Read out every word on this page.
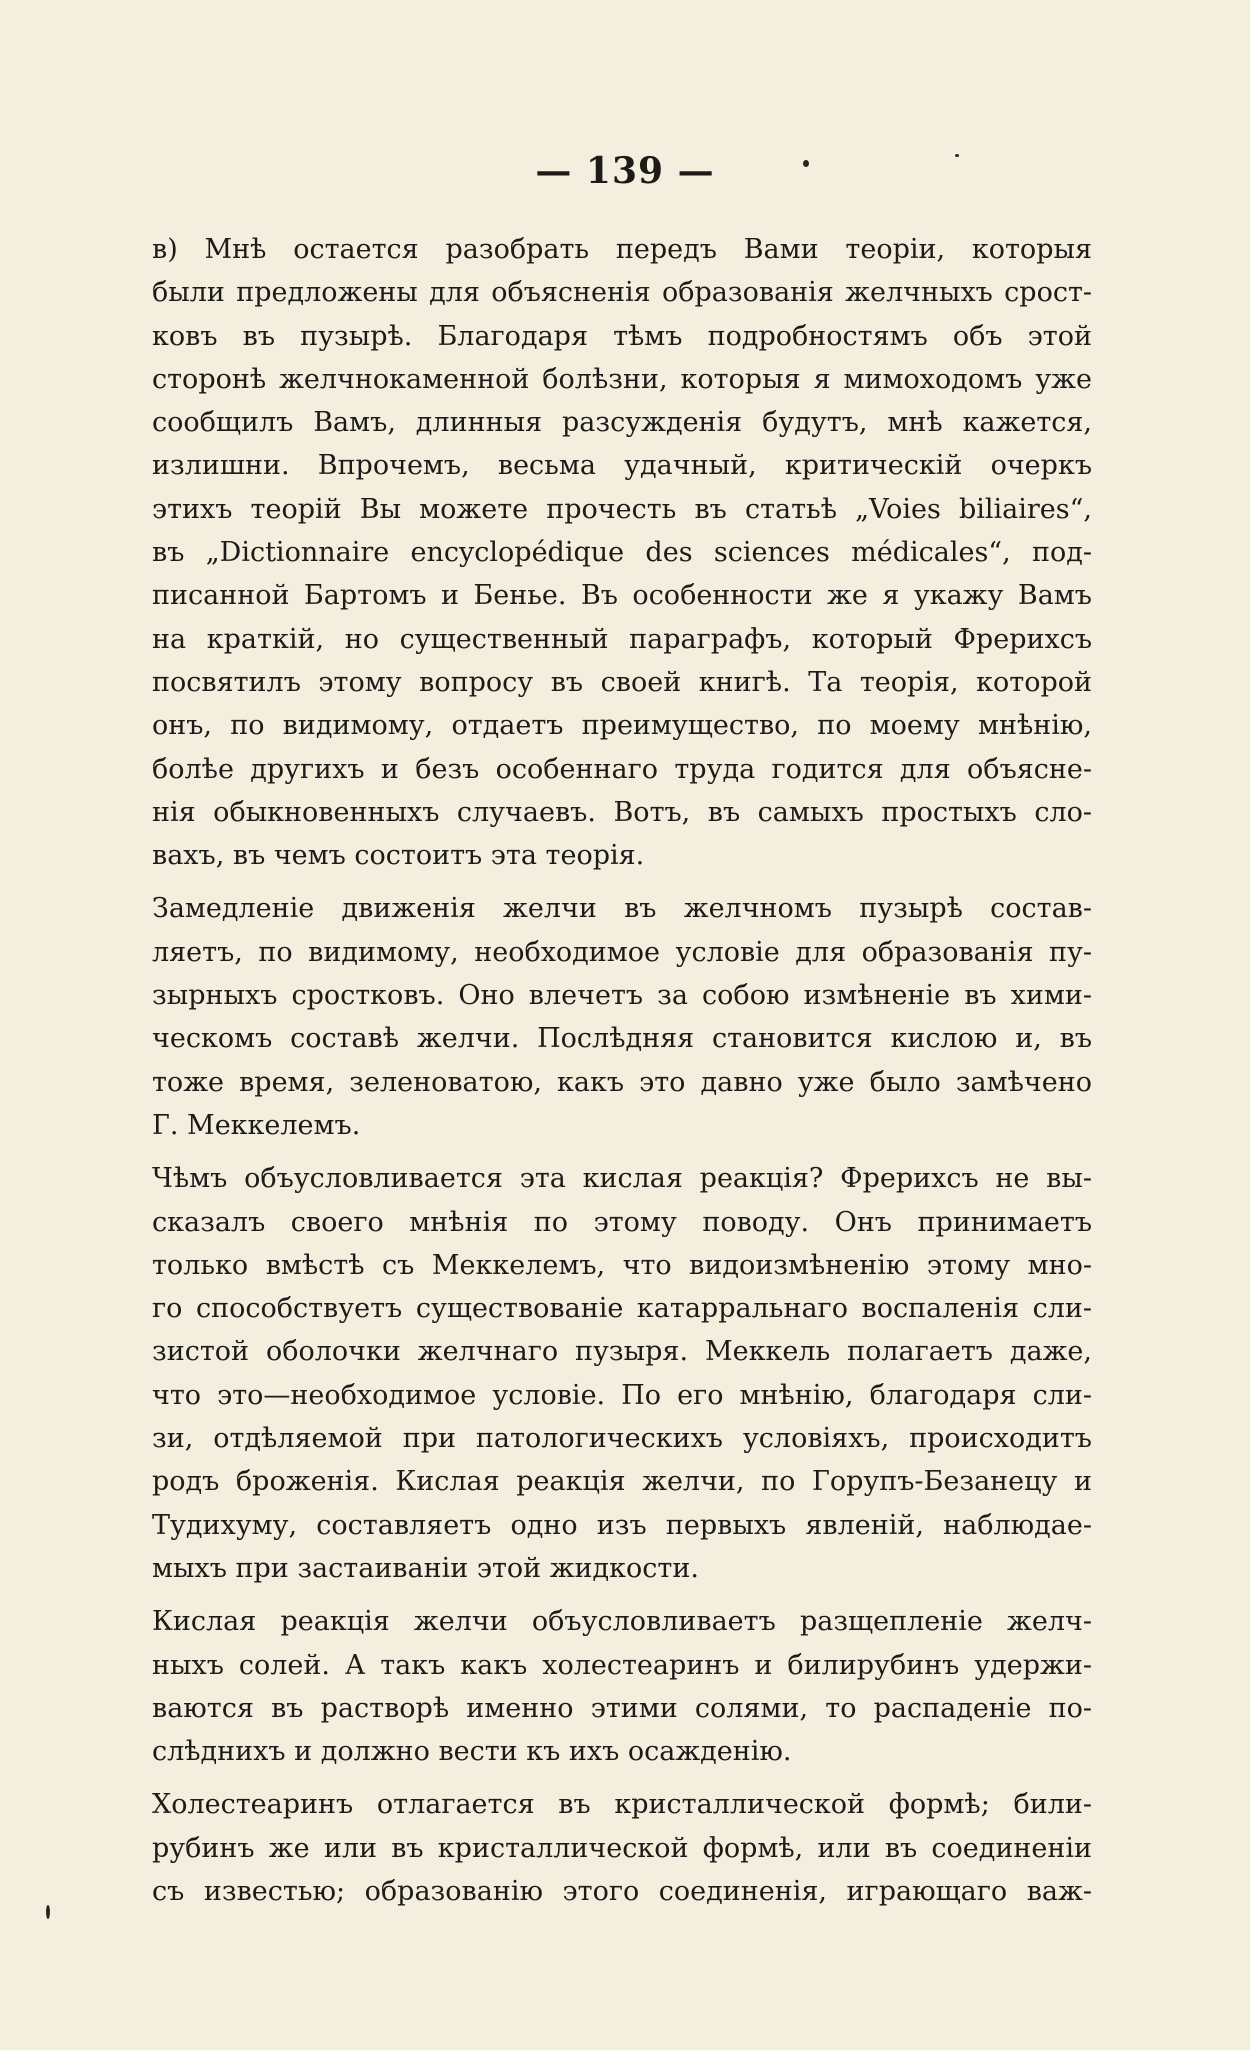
— 139 —
в) Мнѣ остается разобрать передъ Вами теоріи, которыя
были предложены для объясненія образованія желчныхъ срост-
ковъ въ пузырѣ. Благодаря тѣмъ подробностямъ объ этой
сторонѣ желчнокаменной болѣзни, которыя я мимоходомъ уже
сообщилъ Вамъ, длинныя разсужденія будутъ, мнѣ кажется,
излишни. Впрочемъ, весьма удачный, критическій очеркъ
этихъ теорій Вы можете прочесть въ статьѣ „Voies biliaires“,
въ „Dictionnaire encyclopédique des sciences médicales“, под-
писанной Бартомъ и Бенье. Въ особенности же я укажу Вамъ
на краткій, но существенный параграфъ, который Фрерихсъ
посвятилъ этому вопросу въ своей книгѣ. Та теорія, которой
онъ, по видимому, отдаетъ преимущество, по моему мнѣнію,
болѣе другихъ и безъ особеннаго труда годится для объясне-
нія обыкновенныхъ случаевъ. Вотъ, въ самыхъ простыхъ сло-
вахъ, въ чемъ состоитъ эта теорія.
Замедленіе движенія желчи въ желчномъ пузырѣ состав-
ляетъ, по видимому, необходимое условіе для образованія пу-
зырныхъ сростковъ. Оно влечетъ за собою измѣненіе въ хими-
ческомъ составѣ желчи. Послѣдняя становится кислою и, въ
тоже время, зеленоватою, какъ это давно уже было замѣчено
Г. Меккелемъ.
Чѣмъ объусловливается эта кислая реакція? Фрерихсъ не вы-
сказалъ своего мнѣнія по этому поводу. Онъ принимаетъ
только вмѣстѣ съ Меккелемъ, что видоизмѣненію этому мно-
го способствуетъ существованіе катарральнаго воспаленія сли-
зистой оболочки желчнаго пузыря. Меккель полагаетъ даже,
что это—необходимое условіе. По его мнѣнію, благодаря сли-
зи, отдѣляемой при патологическихъ условіяхъ, происходитъ
родъ броженія. Кислая реакція желчи, по Горупъ-Безанецу и
Тудихуму, составляетъ одно изъ первыхъ явленій, наблюдае-
мыхъ при застаиваніи этой жидкости.
Кислая реакція желчи объусловливаетъ разщепленіе желч-
ныхъ солей. А такъ какъ холестеаринъ и билирубинъ удержи-
ваются въ растворѣ именно этими солями, то распаденіе по-
слѣднихъ и должно вести къ ихъ осажденію.
Холестеаринъ отлагается въ кристаллической формѣ; били-
рубинъ же или въ кристаллической формѣ, или въ соединеніи
съ известью; образованію этого соединенія, играющаго важ-
